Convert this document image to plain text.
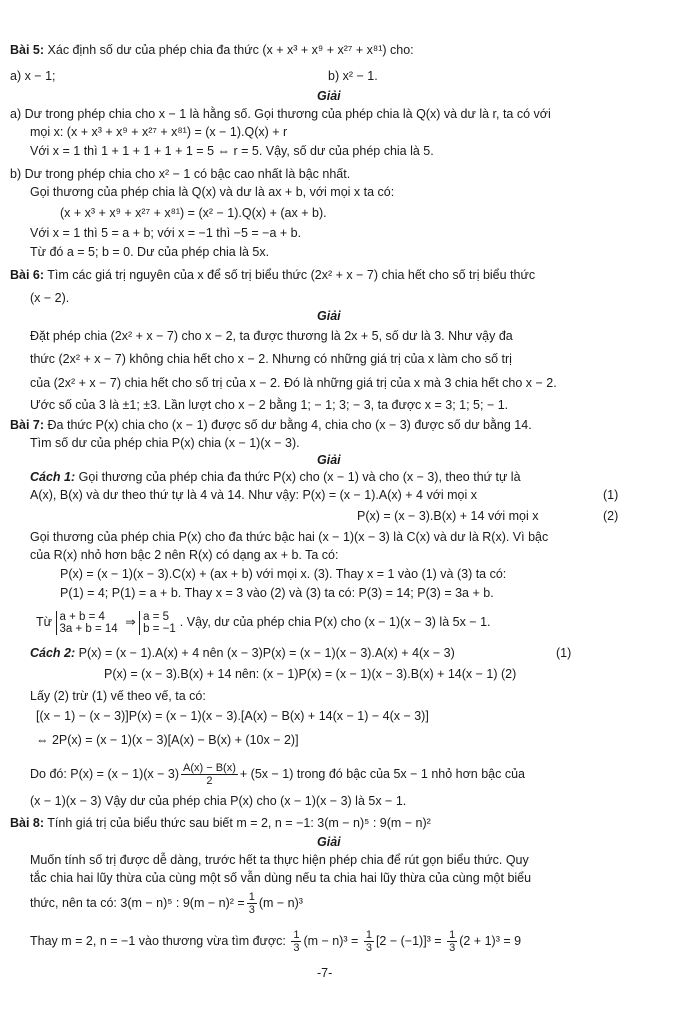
Bài 5: Xác định số dư của phép chia đa thức (x + x³ + x⁹ + x²⁷ + x⁸¹) cho:
a) x − 1;	b) x² − 1.
Giải
a) Dư trong phép chia cho x − 1 là hằng số. Gọi thương của phép chia là Q(x) và dư là r, ta có với
mọi x: (x + x³ + x⁹ + x²⁷ + x⁸¹) = (x − 1).Q(x) + r
Với x = 1 thì 1 + 1 + 1 + 1 + 1 = 5 ⇔ r = 5. Vậy, số dư của phép chia là 5.
b) Dư trong phép chia cho x² − 1 có bậc cao nhất là bậc nhất.
Gọi thương của phép chia là Q(x) và dư là ax + b, với mọi x ta có:
(x + x³ + x⁹ + x²⁷ + x⁸¹) = (x² − 1).Q(x) + (ax + b).
Với x = 1 thì 5 = a + b; với x = −1 thì −5 = −a + b.
Từ đó a = 5; b = 0. Dư của phép chia là 5x.
Bài 6: Tìm các giá trị nguyên của x để số trị biểu thức (2x² + x − 7) chia hết cho số trị biểu thức
(x − 2).
Giải
Đặt phép chia (2x² + x − 7) cho x − 2, ta được thương là 2x + 5, số dư là 3. Như vậy đa
thức (2x² + x − 7) không chia hết cho x − 2. Nhưng có những giá trị của x làm cho số trị
của (2x² + x − 7) chia hết cho số trị của x − 2. Đó là những giá trị của x mà 3 chia hết cho x − 2.
Ước số của 3 là ±1; ±3. Lần lượt cho x − 2 bằng 1; − 1; 3; − 3, ta được x = 3; 1; 5; − 1.
Bài 7: Đa thức P(x) chia cho (x − 1) được số dư bằng 4, chia cho (x − 3) được số dư bằng 14.
Tìm số dư của phép chia P(x) chia (x − 1)(x − 3).
Giải
Cách 1: Gọi thương của phép chia đa thức P(x) cho (x − 1) và cho (x − 3), theo thứ tự là
A(x), B(x) và dư theo thứ tự là 4 và 14. Như vậy: P(x) = (x − 1).A(x) + 4 với mọi x	(1)
P(x) = (x − 3).B(x) + 14 với mọi x	(2)
Gọi thương của phép chia P(x) cho đa thức bậc hai (x − 1)(x − 3) là C(x) và dư là R(x). Vì bậc
của R(x) nhỏ hơn bậc 2 nên R(x) có dạng ax + b. Ta có:
P(x) = (x − 1)(x − 3).C(x) + (ax + b) với mọi x. (3). Thay x = 1 vào (1) và (3) ta có:
P(1) = 4; P(1) = a + b. Thay x = 3 vào (2) và (3) ta có: P(3) = 14; P(3) = 3a + b.
Từ a + b = 4
3a + b = 14 ⇒ a = 5
b = −1 . Vậy, dư của phép chia P(x) cho (x − 1)(x − 3) là 5x − 1.
Cách 2: P(x) = (x − 1).A(x) + 4 nên (x − 3)P(x) = (x − 1)(x − 3).A(x) + 4(x − 3)	(1)
P(x) = (x − 3).B(x) + 14 nên: (x − 1)P(x) = (x − 1)(x − 3).B(x) + 14(x − 1) (2)
Lấy (2) trừ (1) vế theo vế, ta có:
[(x − 1) − (x − 3)]P(x) = (x − 1)(x − 3).[A(x) − B(x) + 14(x − 1) − 4(x − 3)]
⇔ 2P(x) = (x − 1)(x − 3)[A(x) − B(x) + (10x − 2)]
Do đó: $P(x) = (x - 1)(x - 3) \frac{A(x) - B(x)}{2} + (5x - 1)$ trong đó bậc của 5x − 1 nhỏ hơn bậc của
(x − 1)(x − 3) Vậy dư của phép chia P(x) cho (x − 1)(x − 3) là 5x − 1.
Bài 8: Tính giá trị của biểu thức sau biết m = 2, n = −1: 3(m − n)⁵ : 9(m − n)²
Giải
Muốn tính số trị được dễ dàng, trước hết ta thực hiện phép chia để rút gọn biểu thức. Quy
tắc chia hai lũy thừa của cùng một số vẫn dùng nếu ta chia hai lũy thừa của cùng một biểu
thức, nên ta có: 3(m − n)⁵ : $9(m - n)^2 = \frac{1}{3} (m - n)^3$
Thay m = 2, n = −1 vào thương vừa tìm được: $\frac{1}{3} (m - n)^3 = \frac{1}{3} [2 - (-1)]^3 = \frac{1}{3} (2 + 1)^3 = 9$
-7-
